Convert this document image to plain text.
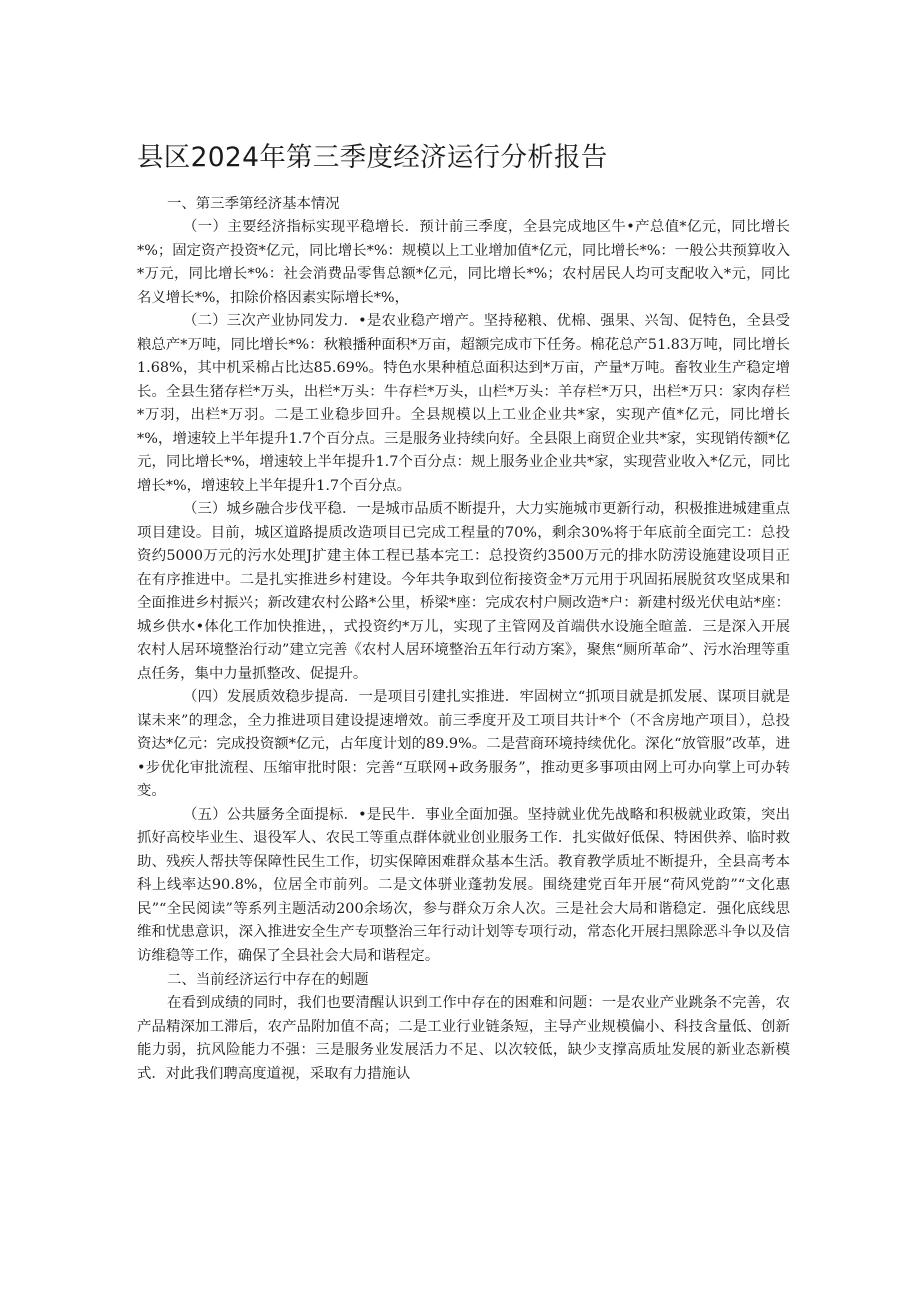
县区2024年第三季度经济运行分析报告

一、第三季第经济基本情况

（一）主要经济指标实现平稳增长．预计前三季度，全县完成地区牛•产总值*亿元，同比增长*%；固定资产投资*亿元，同比增长*%：规模以上工业增加值*亿元，同比增长*%：一般公共预算收入*万元，同比增长*%：社会消费品零售总额*亿元，同比增长*%；农村居民人均可支配收入*元，同比名义增长*%，扣除价格因素实际增长*%，

（二）三次产业协同发力．•是农业稳产增产。坚持秘粮、优棉、强果、兴訇、促特色，全县受粮总产*万吨，同比增长*%：秋粮播种面积*万亩，超额完成市下任务。棉花总产51.83万吨，同比增长1.68%，其中机采棉占比达85.69%。特色水果种植总面积达到*万亩，产量*万吨。畜牧业生产稳定增长。全县生猪存栏*万头，出栏*万头：牛存栏*万头，山栏*万头：羊存栏*万只，出栏*万只：家肉存栏*万羽，出栏*万羽。二是工业稳步回升。全县规模以上工业企业共*家，实现产值*亿元，同比增长*%，增速较上半年提升1.7个百分点。三是服务业持续向好。全县限上商贸企业共*家，实现销传额*亿元，同比增长*%，增速较上半年提升1.7个百分点：规上服务业企业共*家，实现营业收入*亿元，同比增长*%，增速较上半年提升1.7个百分点。

（三）城乡融合步伐平稳．一是城市品质不断提升，大力实施城市更新行动，积极推进城建重点项目建设。目前，城区道路提质改造项目已完成工程量的70%，剩余30%将于年底前全面完工：总投资约5000万元的污水处理J扩建主体工程已基本完工：总投资约3500万元的排水防涝设施建设项目正在有序推进中。二是扎实推进乡村建设。今年共争取到位衔接资金*万元用于巩固拓展脱贫攻坚成果和全面推进乡村振兴；新改建农村公路*公里，桥梁*座：完成农村户厕改造*户：新建村级光伏电站*座：城乡供水•体化工作加快推进，，式投资约*万儿，实现了主管网及首端供水设施全暄盖．三是深入开展农村人居环境整治行动”建立完善《农村人居环境整治五年行动方案》，聚焦“厕所革命”、污水治理等重点任务，集中力量抓整改、促提升。

（四）发展质效稳步提高．一是项目引建扎实推进．牢固树立“抓项目就是抓发展、谋项目就是谋未来”的理念，全力推进项目建设提速增效。前三季度开及工项目共计*个（不含房地产项目），总投资达*亿元：完成投资额*亿元，占年度计划的89.9%。二是营商环境持续优化。深化“放管服”改革，进•步优化审批流程、压缩审批时限：完善“互联网+政务服务”，推动更多事项由网上可办向掌上可办转变。

（五）公共蜃务全面提标．•是民牛．事业全面加强。坚持就业优先战略和积极就业政策，突出抓好高校毕业生、退役军人、农民工等重点群体就业创业服务工作．扎实做好低保、特困供养、临时救助、残疾人帮扶等保障性民生工作，切实保障困难群众基本生活。教育教学质址不断提升，全县高考本科上线率达90.8%，位居全市前列。二是文体骈业蓬勃发展。围绕建党百年开展“荷风党韵”“文化惠民”“全民阅读”等系列主题活动200余场次，参与群众万余人次。三是社会大局和谐稳定．强化底线思维和忧患意识，深入推进安全生产专项整治三年行动计划等专项行动，常态化开展扫黑除恶斗争以及信访维稳等工作，确保了全县社会大局和谐程定。

二、当前经济运行中存在的蚓题

在看到成绩的同时，我们也要清醒认识到工作中存在的困难和问题：一是农业产业跳条不完善，农产品精深加工滞后，农产品附加值不高；二是工业行业链条短，主导产业规模偏小、科技含量低、创新能力弱，抗风险能力不强：三是服务业发展活力不足、以次较低，缺少支撑高质址发展的新业态新模式．对此我们聘高度道视，采取有力措施认
